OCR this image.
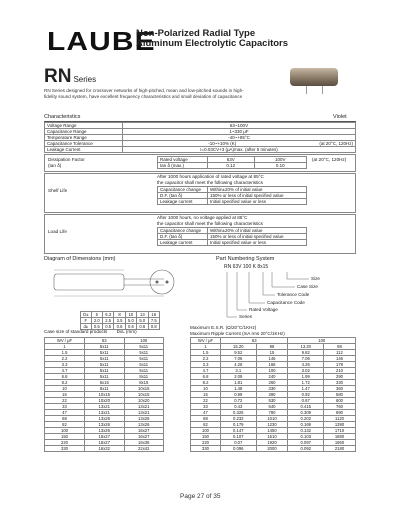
LAUBE
Non-Polarized Radial Type
Aluminum Electrolytic Capacitors
RN Series
RN Series designed for crossover networks of high-pitched, mean and low-pitched sounds in high-fidelity sound system, have excellent frequency characteristics and small deviation of capacitance
Characteristics	Violet
Voltage Range	63~100V
Capacitance Range	1~330 μF
Temperature Range	-40~+85°C
Capacitance Tolerance	-10~+10% (K) (at 20°C, 120Hz)

Leakage Current	I=0.03CV+3 (μA)max. (after 5 minutes)
Dissipation Factor
(tan δ)
Rated voltage	63V	100V
tan δ (max.)	0.12	0.10
(at 20°C, 120Hz)
Shelf Life
After 1000 hours application of rated voltage at 85°C
the capacitor shall meet the following characteristics
Capacitance change	Within±20% of initial value
D.F. (tan δ)	150% or less of initial specified value
Leakage current	Initial specified value or less
Load Life
After 1000 hours, no voltage applied at 85°C
the capacitor shall meet the following characteristics
Capacitance change	Within±20% of initial value
D.F. (tan δ)	150% or less of initial specified value
Leakage current	Initial specified value or less
Diagram of Dimensions (mm)
D±	5	6.3	8	10	13	16
F	2.0	2.5	3.5	5.0	5.0	7.5
d±	0.5	0.5	0.6	0.6	0.6	0.8
Part Numbering System
RN 63V 100 K 8x15
Size
Case Size
Tolerance Code
Capacitance Code
Rated Voltage
Series
Case size of standard products DxL (mm)
WV / μF	63	100
1	5x11	5x11
1.5	5x11	5x11
2.2	5x11	5x11
3.3	5x11	5x11
4.7	5x11	5x11
6.8	5x11	8x11
8.2	6x15	8x15
10	8x11	10x15
15	10x15	10x15
22	10x20	10x20
33	13x21	13x21
47	13x21	13x21
68	13x26	13x26
82	13x26	13x26
100	13x26	16x27
150	16x27	16x27
220	16x27	16x36
330	16x32	22x42
Maximum E.S.R. (Ω/20°C/1KHz)
Maximum Ripple Current (mA rms 20°C/1KHz)
WV / μF	63		100	
1	15.20	98	13.20	98
1.5	9.52	15	9.82	112
2.2	7.06	146	7.06	146
3.3	4.26	168	4.26	178
4.7	3.1	100	3.02	210
6.8	2.09	240	1.99	290
8.2	1.81	260	1.72	330
10	1.48	330	1.47	360
15	0.99	390	0.92	580
22	0.72	530	0.67	600
33	0.43	640	0.415	760
47	0.325	780	0.309	890
68	0.232	1010	0.202	1120
82	0.179	1230	0.169	1390
100	0.147	1450	0.132	1710
150	0.107	1510	0.103	1880
220	0.07	1920	0.097	1960
330	0.096	2000	0.092	2180
Page 27 of 35
